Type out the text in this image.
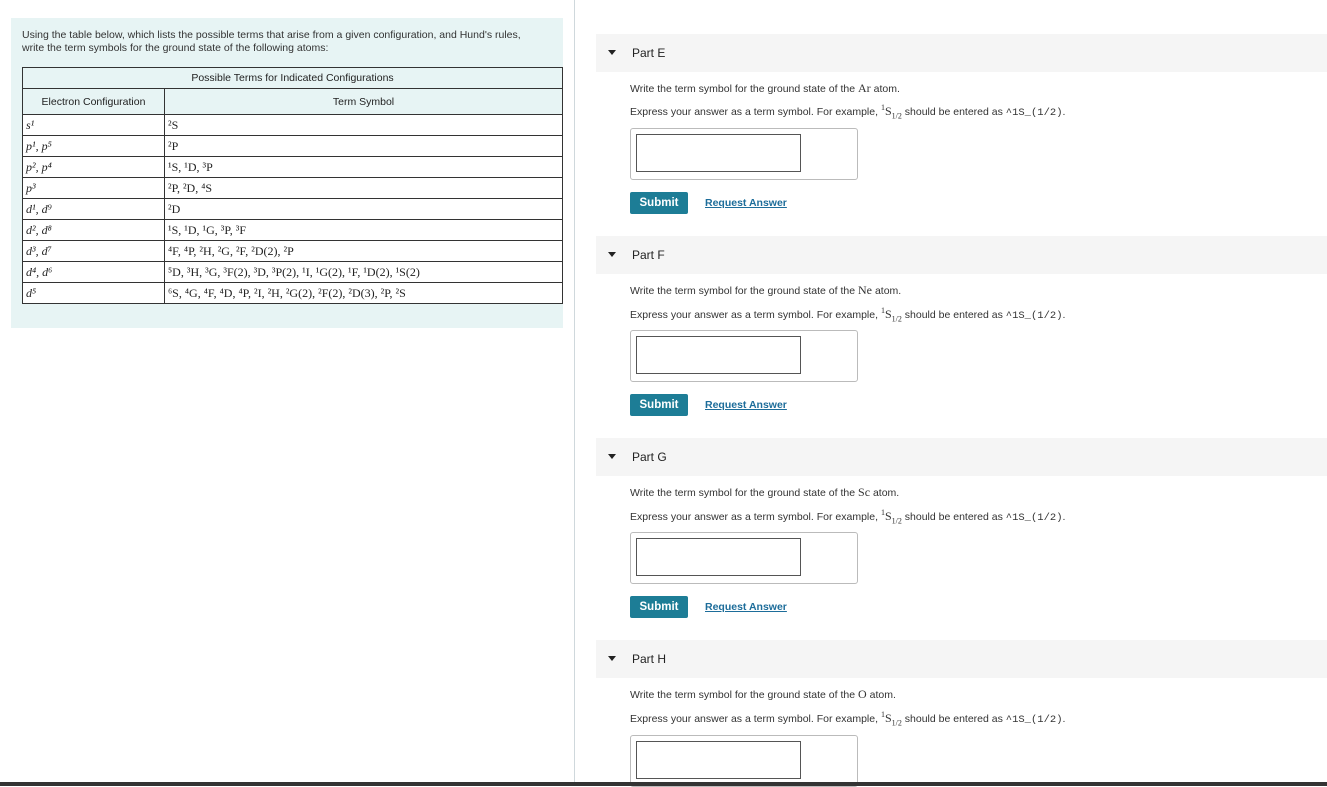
Using the table below, which lists the possible terms that arise from a given configuration, and Hund's rules,
write the term symbols for the ground state of the following atoms:
Possible Terms for Indicated Configurations	
Electron Configuration	Term Symbol
s¹	²S
p¹, p⁵	²P
p², p⁴	¹S, ¹D, ³P
p³	²P, ²D, ⁴S
d¹, d⁹	²D
d², d⁸	¹S, ¹D, ¹G, ³P, ³F
d³, d⁷	⁴F, ⁴P, ²H, ²G, ²F, ²D(2), ²P
d⁴, d⁶	⁵D, ³H, ³G, ³F(2), ³D, ³P(2), ¹I, ¹G(2), ¹F, ¹D(2), ¹S(2)
d⁵	⁶S, ⁴G, ⁴F, ⁴D, ⁴P, ²I, ²H, ²G(2), ²F(2), ²D(3), ²P, ²S
Part E
Write the term symbol for the ground state of the Ar atom.
Express your answer as a term symbol. For example, $^1S_{1/2}$ should be entered as ^1S_(1/2).
Submit	Request Answer
Part F
Write the term symbol for the ground state of the Ne atom.
Express your answer as a term symbol. For example, $^1S_{1/2}$ should be entered as ^1S_(1/2).
Submit	Request Answer
Part G
Write the term symbol for the ground state of the Sc atom.
Express your answer as a term symbol. For example, $^1S_{1/2}$ should be entered as ^1S_(1/2).
Submit	Request Answer
Part H
Write the term symbol for the ground state of the O atom.
Express your answer as a term symbol. For example, $^1S_{1/2}$ should be entered as ^1S_(1/2).
